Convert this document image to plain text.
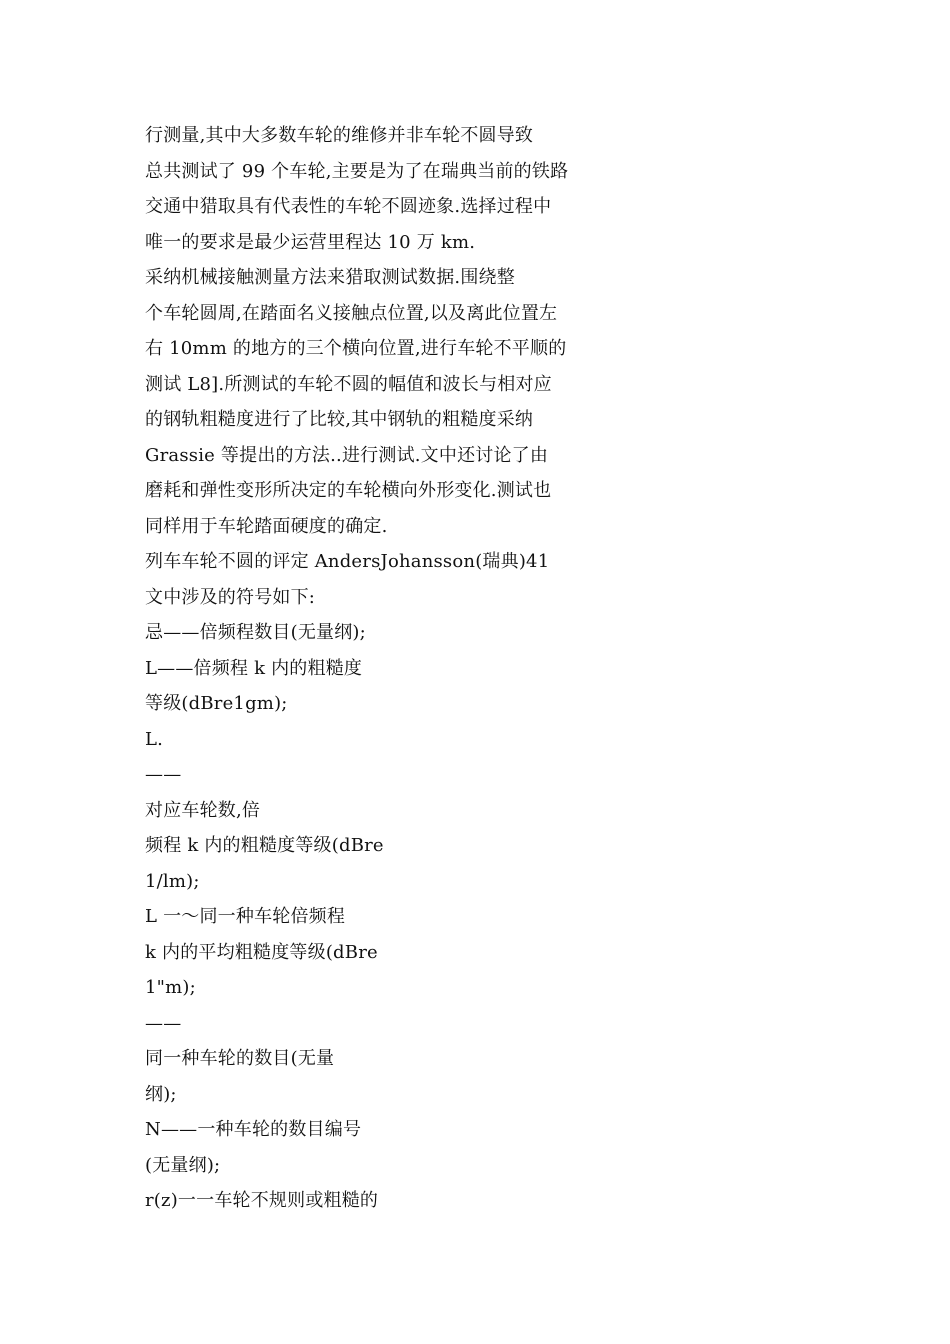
行测量,其中大多数车轮的维修并非车轮不圆导致
总共测试了 99 个车轮,主要是为了在瑞典当前的铁路
交通中猎取具有代表性的车轮不圆迹象.选择过程中
唯一的要求是最少运营里程达 10 万 km.
采纳机械接触测量方法来猎取测试数据.围绕整
个车轮圆周,在踏面名义接触点位置,以及离此位置左
右 10mm 的地方的三个横向位置,进行车轮不平顺的
测试 L8].所测试的车轮不圆的幅值和波长与相对应
的钢轨粗糙度进行了比较,其中钢轨的粗糙度采纳
Grassie 等提出的方法..进行测试.文中还讨论了由
磨耗和弹性变形所决定的车轮横向外形变化.测试也
同样用于车轮踏面硬度的确定.
列车车轮不圆的评定 AndersJohansson(瑞典)41
文中涉及的符号如下:
忌——倍频程数目(无量纲);
L——倍频程 k 内的粗糙度
等级(dBre1gm);
L.
——
对应车轮数,倍
频程 k 内的粗糙度等级(dBre
1/lm);
L 一～同一种车轮倍频程
k 内的平均粗糙度等级(dBre
1"m);
——
同一种车轮的数目(无量
纲);
N——一种车轮的数目编号
(无量纲);
r(z)一一车轮不规则或粗糙的
